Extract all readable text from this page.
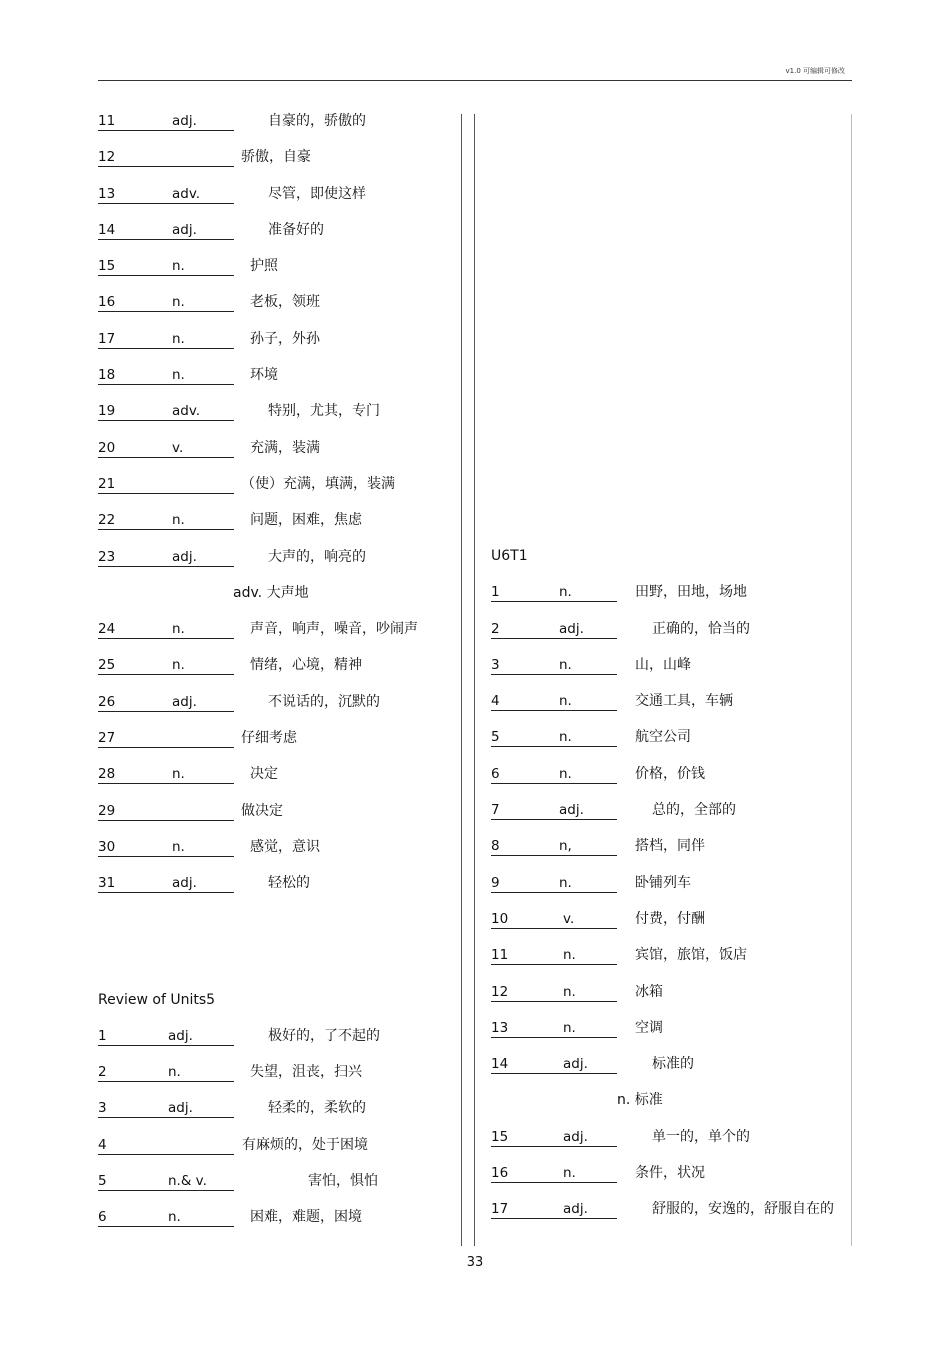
v1.0 可编辑可修改
11	adj.	自豪的，骄傲的
12	骄傲，自豪
13	adv.	尽管，即使这样
14	adj.	准备好的
15	n.	护照
16	n.	老板，领班
17	n.	孙子，外孙
18	n.	环境
19	adv.	特别，尤其，专门
20	v.	充满，装满
21	（使）充满，填满，装满
22	n.	问题，困难，焦虑
23	adj.	大声的，响亮的
adv. 大声地
24	n.	声音，响声，噪音，吵闹声
25	n.	情绪，心境，精神
26	adj.	不说话的，沉默的
27	仔细考虑
28	n.	决定
29	做决定
30	n.	感觉，意识
31	adj.	轻松的
Review of Units5
1	adj.	极好的，了不起的
2	n.	失望，沮丧，扫兴
3	adj.	轻柔的，柔软的
4	有麻烦的，处于困境
5	n.& v.	害怕，惧怕
6	n.	困难，难题，困境
U6T1
1	n.	田野，田地，场地
2	adj.	正确的，恰当的
3	n.	山，山峰
4	n.	交通工具，车辆
5	n.	航空公司
6	n.	价格，价钱
7	adj.	总的，全部的
8	n,	搭档，同伴
9	n.	卧铺列车
10	v.	付费，付酬
11	n.	宾馆，旅馆，饭店
12	n.	冰箱
13	n.	空调
14	adj.	标准的
n. 标准
15	adj.	单一的，单个的
16	n.	条件，状况
17	adj.	舒服的，安逸的，舒服自在的
33
